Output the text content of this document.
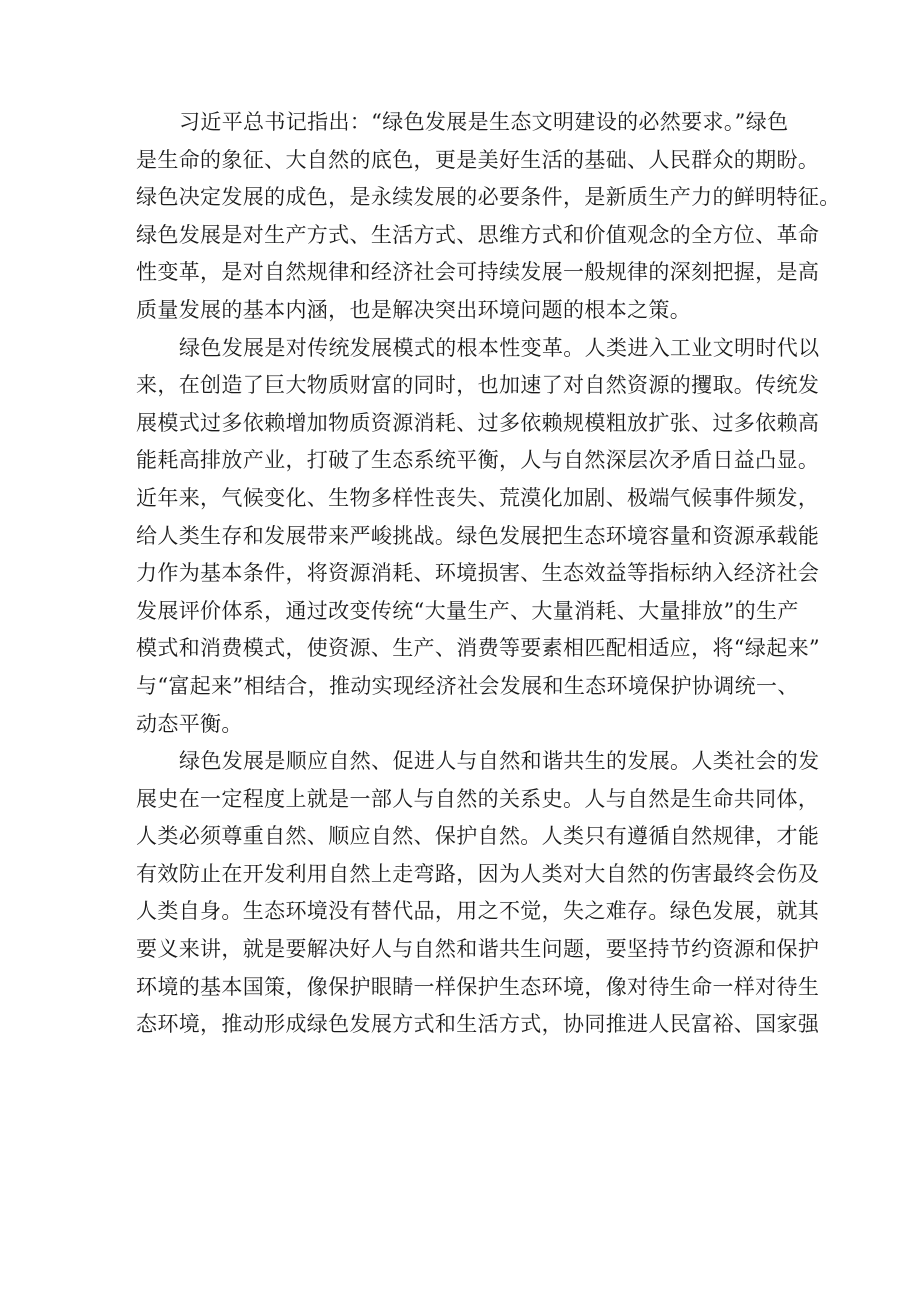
习近平总书记指出：“绿色发展是生态文明建设的必然要求。”绿色
是生命的象征、大自然的底色，更是美好生活的基础、人民群众的期盼。
绿色决定发展的成色，是永续发展的必要条件，是新质生产力的鲜明特征。
绿色发展是对生产方式、生活方式、思维方式和价值观念的全方位、革命
性变革，是对自然规律和经济社会可持续发展一般规律的深刻把握，是高
质量发展的基本内涵，也是解决突出环境问题的根本之策。
绿色发展是对传统发展模式的根本性变革。人类进入工业文明时代以
来，在创造了巨大物质财富的同时，也加速了对自然资源的攫取。传统发
展模式过多依赖增加物质资源消耗、过多依赖规模粗放扩张、过多依赖高
能耗高排放产业，打破了生态系统平衡，人与自然深层次矛盾日益凸显。
近年来，气候变化、生物多样性丧失、荒漠化加剧、极端气候事件频发，
给人类生存和发展带来严峻挑战。绿色发展把生态环境容量和资源承载能
力作为基本条件，将资源消耗、环境损害、生态效益等指标纳入经济社会
发展评价体系，通过改变传统“大量生产、大量消耗、大量排放”的生产
模式和消费模式，使资源、生产、消费等要素相匹配相适应，将“绿起来”
与“富起来”相结合，推动实现经济社会发展和生态环境保护协调统一、
动态平衡。
绿色发展是顺应自然、促进人与自然和谐共生的发展。人类社会的发
展史在一定程度上就是一部人与自然的关系史。人与自然是生命共同体，
人类必须尊重自然、顺应自然、保护自然。人类只有遵循自然规律，才能
有效防止在开发利用自然上走弯路，因为人类对大自然的伤害最终会伤及
人类自身。生态环境没有替代品，用之不觉，失之难存。绿色发展，就其
要义来讲，就是要解决好人与自然和谐共生问题，要坚持节约资源和保护
环境的基本国策，像保护眼睛一样保护生态环境，像对待生命一样对待生
态环境，推动形成绿色发展方式和生活方式，协同推进人民富裕、国家强
